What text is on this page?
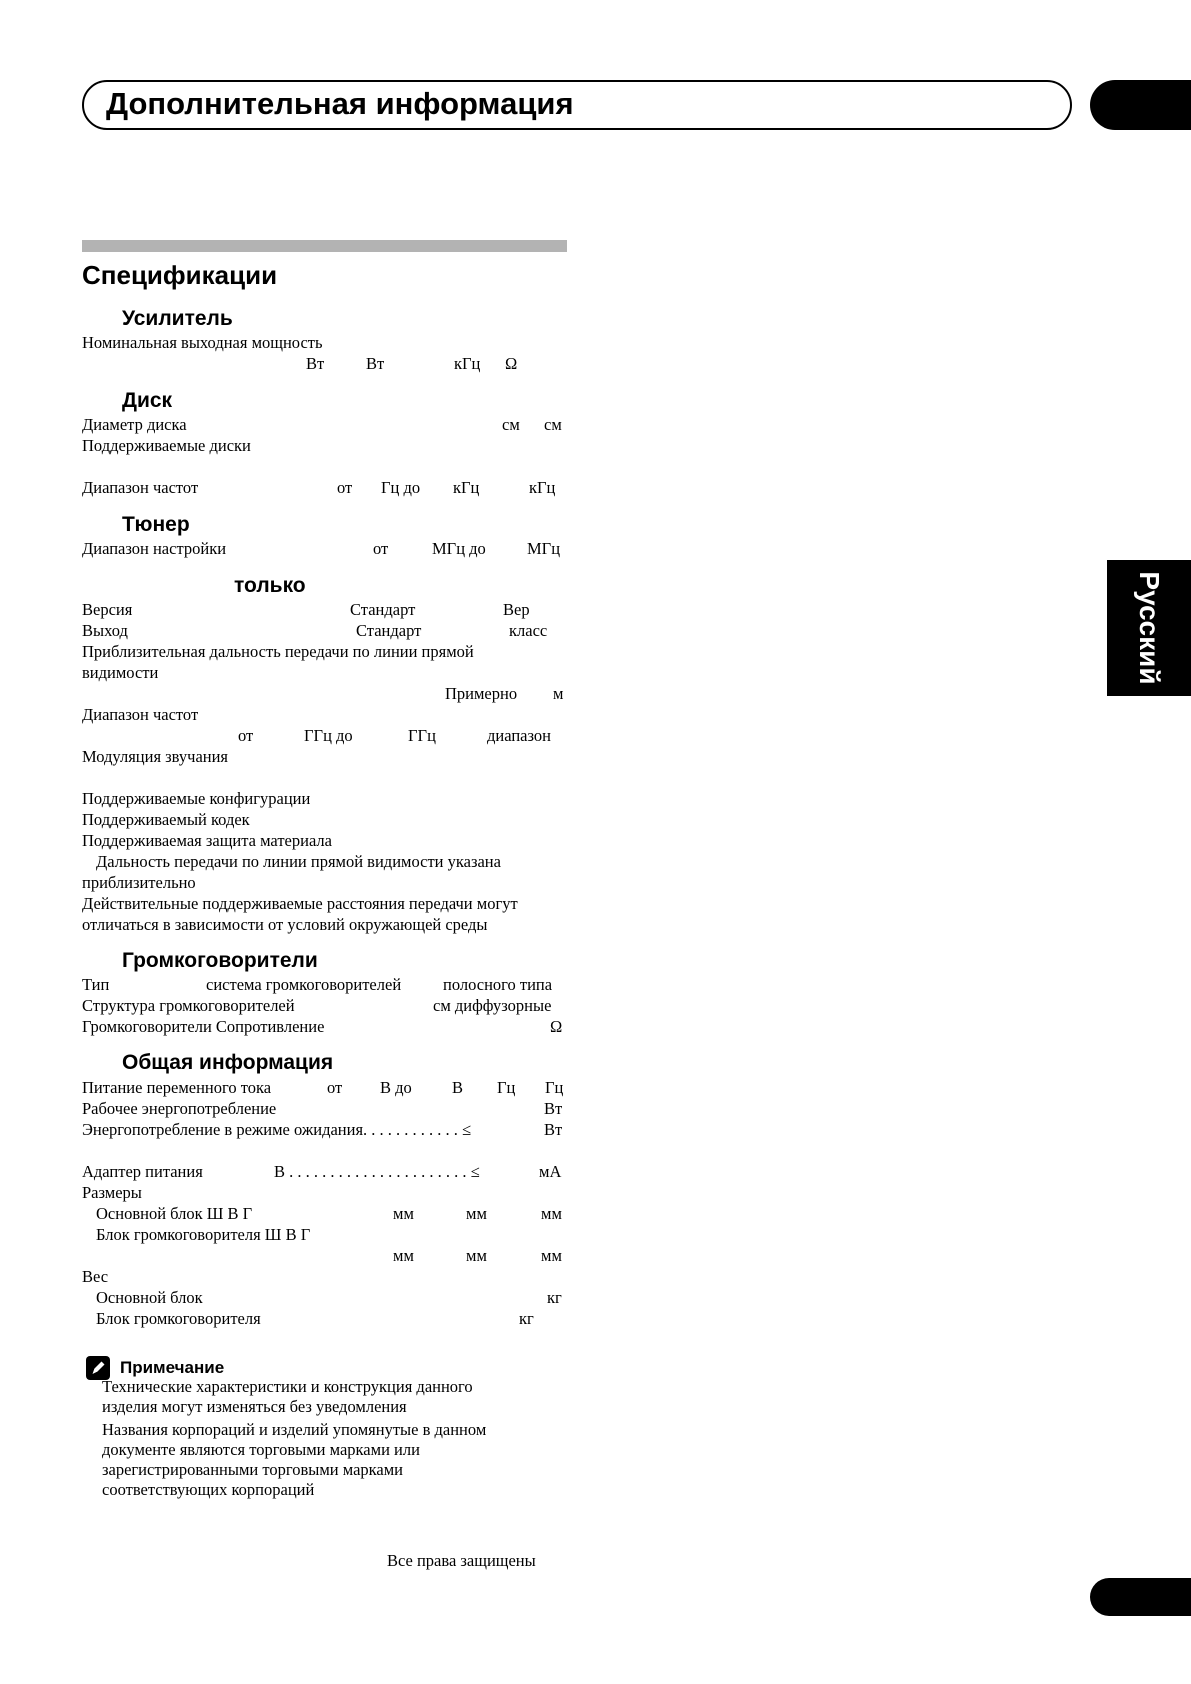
Дополнительная информация
Русский
Спецификации
Усилитель
Номинальная выходная мощность
Вт	Вт	кГц Ω
Диск
Диаметр диска	см см
Поддерживаемые диски
Диапазон частот	от Гц до кГц	кГц
Тюнер
Диапазон настройки	от	МГц до МГц
только
Версия	Стандарт	Вер
Выход	Стандарт	класс
Приблизительная дальность передачи по линии прямой
видимости
Примерно м
Диапазон частот
от	ГГц до	ГГц	диапазон
Модуляция звучания
Поддерживаемые конфигурации
Поддерживаемый кодек
Поддерживаемая защита материала
Дальность передачи по линии прямой видимости указана
приблизительно
Действительные поддерживаемые расстояния передачи могут
отличаться в зависимости от условий окружающей среды
Громкоговорители
Тип	система громкоговорителей	полосного типа
Структура громкоговорителей	см диффузорные
Громкоговорители Сопротивление	Ω
Общая информация
Питание переменного тока	от В до В Гц Гц
Рабочее энергопотребление	Вт
Энергопотребление в режиме ожидания. . . . . . . . . . . . ≤	Вт
Адаптер питания	В . . . . . . . . . . . . . . . . . . . . . . ≤	мА
Размеры
Основной блок Ш В Г	мм	мм	мм
Блок громкоговорителя Ш В Г
мм	мм	мм
Вес
Основной блок	кг
Блок громкоговорителя	кг
Примечание
Технические характеристики и конструкция данного
изделия могут изменяться без уведомления
Названия корпораций и изделий упомянутые в данном
документе являются торговыми марками или
зарегистрированными торговыми марками
соответствующих корпораций
Все права защищены
